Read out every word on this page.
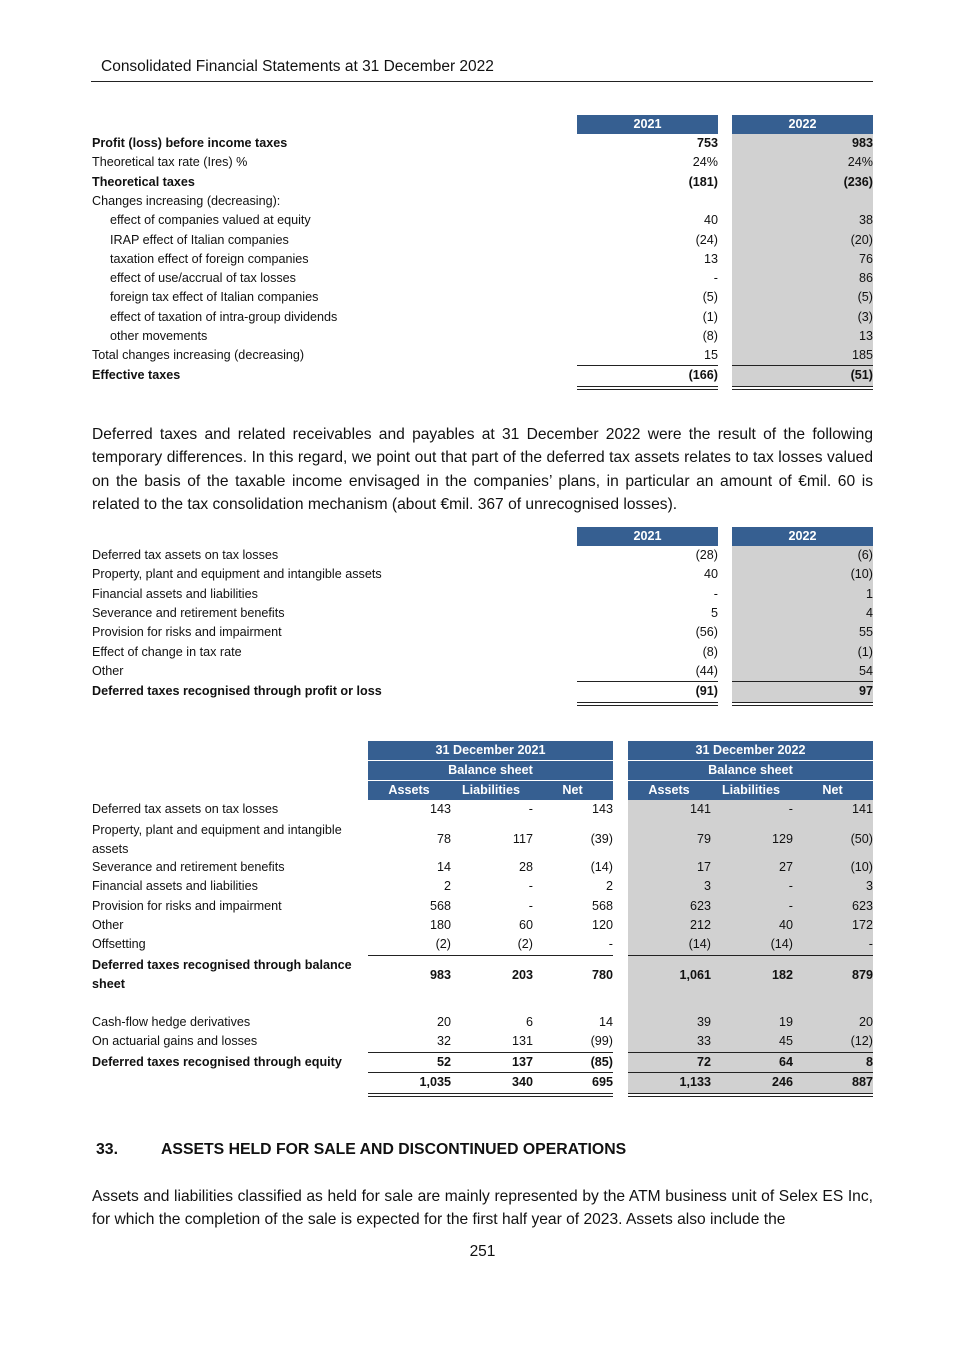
Consolidated Financial Statements at 31 December 2022
2021	2022
Profit (loss) before income taxes	753	983
Theoretical tax rate (Ires) %	24%	24%
Theoretical taxes	(181)	(236)
Changes increasing (decreasing):
effect of companies valued at equity	40	38
IRAP effect of Italian companies	(24)	(20)
taxation effect of foreign companies	13	76
effect of use/accrual of tax losses	-	86
foreign tax effect of Italian companies	(5)	(5)
effect of taxation of intra-group dividends	(1)	(3)
other movements	(8)	13
Total changes increasing (decreasing)	15	185
Effective taxes	(166)	(51)
Deferred taxes and related receivables and payables at 31 December 2022 were the result of the following temporary differences. In this regard, we point out that part of the deferred tax assets relates to tax losses valued on the basis of the taxable income envisaged in the companies’ plans, in particular an amount of €mil. 60 is related to the tax consolidation mechanism (about €mil. 367 of unrecognised losses).
2021	2022
Deferred tax assets on tax losses	(28)	(6)
Property, plant and equipment and intangible assets	40	(10)
Financial assets and liabilities	-	1
Severance and retirement benefits	5	4
Provision for risks and impairment	(56)	55
Effect of change in tax rate	(8)	(1)
Other	(44)	54
Deferred taxes recognised through profit or loss	(91)	97
31 December 2021	31 December 2022
Balance sheet	Balance sheet
Assets	Liabilities	Net	Assets	Liabilities	Net
Deferred tax assets on tax losses	143	-	143	141	-	141
Property, plant and equipment and intangible assets
78	117	(39)	79	129	(50)
Severance and retirement benefits	14	28	(14)	17	27	(10)
Financial assets and liabilities	2	-	2	3	-	3
Provision for risks and impairment	568	-	568	623	-	623
Other	180	60	120	212	40	172
Offsetting	(2)	(2)	-	(14)	(14)	-
Deferred taxes recognised through balance sheet
983	203	780	1,061	182	879
Cash-flow hedge derivatives	20	6	14	39	19	20
On actuarial gains and losses	32	131	(99)	33	45	(12)
Deferred taxes recognised through equity	52	137	(85)	72	64	8
1,035	340	695	1,133	246	887
33.	ASSETS HELD FOR SALE AND DISCONTINUED OPERATIONS
Assets and liabilities classified as held for sale are mainly represented by the ATM business unit of Selex ES Inc, for which the completion of the sale is expected for the first half year of 2023. Assets also include the
251
